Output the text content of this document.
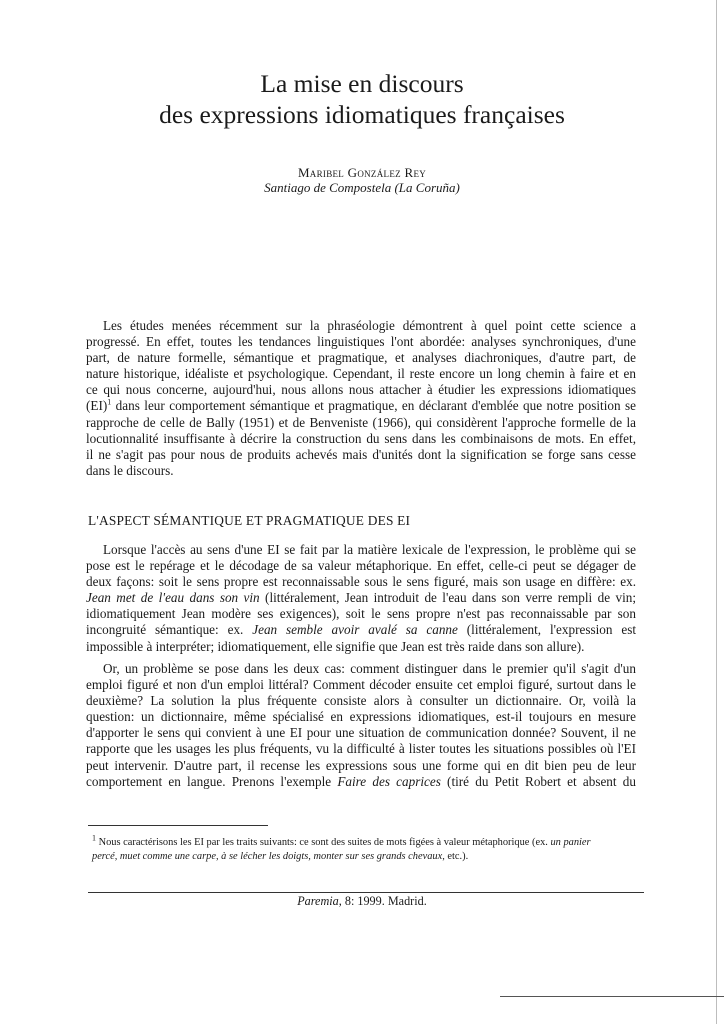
La mise en discours
des expressions idiomatiques françaises
Maribel González Rey
Santiago de Compostela (La Coruña)

Les études menées récemment sur la phraséologie démontrent à quel point cette science a
progressé. En effet, toutes les tendances linguistiques l'ont abordée: analyses synchroniques, d'une
part, de nature formelle, sémantique et pragmatique, et analyses diachroniques, d'autre part, de
nature historique, idéaliste et psychologique. Cependant, il reste encore un long chemin à faire et en
ce qui nous concerne, aujourd'hui, nous allons nous attacher à étudier les expressions idiomatiques
(EI)$^1$ dans leur comportement sémantique et pragmatique, en déclarant d'emblée que notre position se
rapproche de celle de Bally (1951) et de Benveniste (1966), qui considèrent l'approche formelle de la
locutionnalité insuffisante à décrire la construction du sens dans les combinaisons de mots. En effet,
il ne s'agit pas pour nous de produits achevés mais d'unités dont la signification se forge sans cesse
dans le discours.

L'ASPECT SÉMANTIQUE ET PRAGMATIQUE DES EI

Lorsque l'accès au sens d'une EI se fait par la matière lexicale de l'expression, le problème qui se
pose est le repérage et le décodage de sa valeur métaphorique. En effet, celle-ci peut se dégager de
deux façons: soit le sens propre est reconnaissable sous le sens figuré, mais son usage en diffère: ex.
Jean met de l'eau dans son vin (littéralement, Jean introduit de l'eau dans son verre rempli de vin;
idiomatiquement Jean modère ses exigences), soit le sens propre n'est pas reconnaissable par son
incongruité sémantique: ex. Jean semble avoir avalé sa canne (littéralement, l'expression est
impossible à interpréter; idiomatiquement, elle signifie que Jean est très raide dans son allure).

Or, un problème se pose dans les deux cas: comment distinguer dans le premier qu'il s'agit d'un
emploi figuré et non d'un emploi littéral? Comment décoder ensuite cet emploi figuré, surtout dans le
deuxième? La solution la plus fréquente consiste alors à consulter un dictionnaire. Or, voilà la
question: un dictionnaire, même spécialisé en expressions idiomatiques, est-il toujours en mesure
d'apporter le sens qui convient à une EI pour une situation de communication donnée? Souvent, il ne
rapporte que les usages les plus fréquents, vu la difficulté à lister toutes les situations possibles où l'EI
peut intervenir. D'autre part, il recense les expressions sous une forme qui en dit bien peu de leur
comportement en langue. Prenons l'exemple Faire des caprices (tiré du Petit Robert et absent du

$^1$ Nous caractérisons les EI par les traits suivants: ce sont des suites de mots figées à valeur métaphorique (ex. un panier
percé, muet comme une carpe, à se lécher les doigts, monter sur ses grands chevaux, etc.).

Paremia, 8: 1999. Madrid.
